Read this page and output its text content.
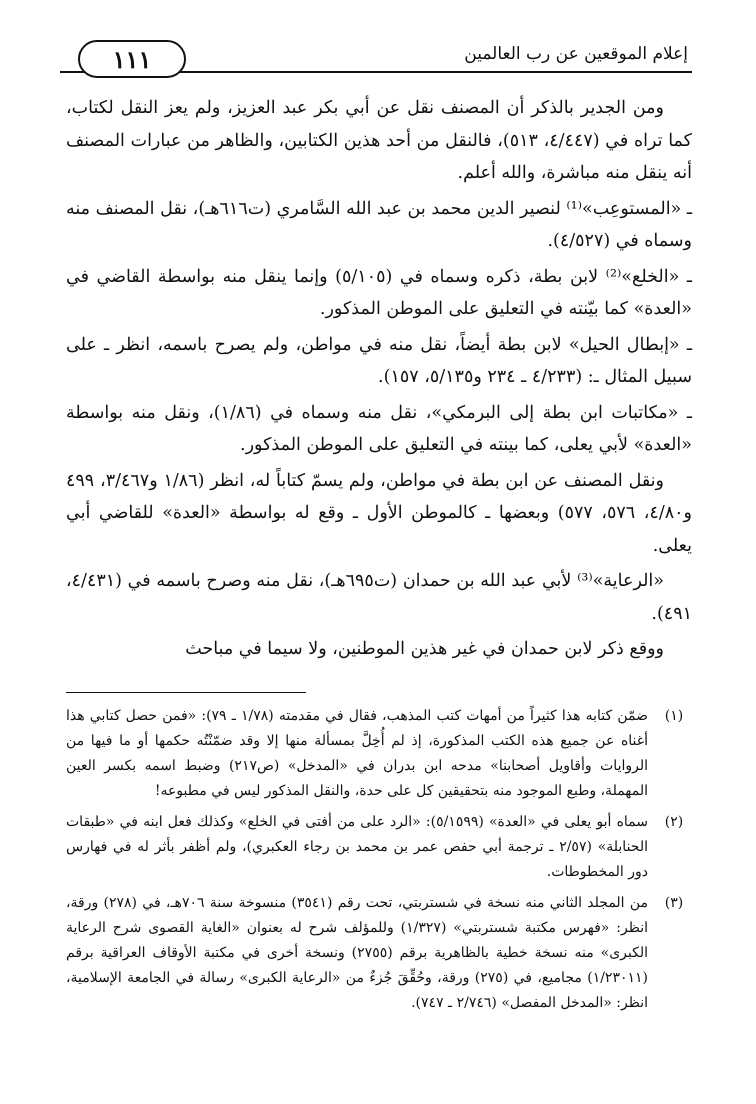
إعلام الموقعين عن رب العالمين
١١١

ومن الجدير بالذكر أن المصنف نقل عن أبي بكر عبد العزيز، ولم يعز النقل لكتاب، كما تراه في (٤/٤٤٧، ٥١٣)، فالنقل من أحد هذين الكتابين، والظاهر من عبارات المصنف أنه ينقل منه مباشرة، والله أعلم.

ـ «المستوعِب»⁽¹⁾ لنصير الدين محمد بن عبد الله السَّامري (ت٦١٦هـ)، نقل المصنف منه وسماه في (٤/٥٢٧).

ـ «الخلع»⁽²⁾ لابن بطة، ذكره وسماه في (٥/١٠٥) وإنما ينقل منه بواسطة القاضي في «العدة» كما بيّنته في التعليق على الموطن المذكور.

ـ «إبطال الحيل» لابن بطة أيضاً، نقل منه في مواطن، ولم يصرح باسمه، انظر ـ على سبيل المثال ـ: (٤/٢٣٣ ـ ٢٣٤ و٥/١٣٥، ١٥٧).

ـ «مكاتبات ابن بطة إلى البرمكي»، نقل منه وسماه في (١/٨٦)، ونقل منه بواسطة «العدة» لأبي يعلى، كما بينته في التعليق على الموطن المذكور.

ونقل المصنف عن ابن بطة في مواطن، ولم يسمّ كتاباً له، انظر (١/٨٦ و٣/٤٦٧، ٤٩٩ و٤/٨٠، ٥٧٦، ٥٧٧) وبعضها ـ كالموطن الأول ـ وقع له بواسطة «العدة» للقاضي أبي يعلى.

«الرعاية»⁽³⁾ لأبي عبد الله بن حمدان (ت٦٩٥هـ)، نقل منه وصرح باسمه في (٤/٤٣١، ٤٩١).

ووقع ذكر لابن حمدان في غير هذين الموطنين، ولا سيما في مباحث

(١)
ضمّن كتابه هذا كثيراً من أمهات كتب المذهب، فقال في مقدمته (١/٧٨ ـ ٧٩): «فمن حصل كتابي هذا أغناه عن جميع هذه الكتب المذكورة، إذ لم أُخِلَّ بمسألة منها إلا وقد ضمّنْتُه حكمها أو ما فيها من الروايات وأقاويل أصحابنا» مدحه ابن بدران في «المدخل» (ص٢١٧) وضبط اسمه بكسر العين المهملة، وطبع الموجود منه بتحقيقين كل على حدة، والنقل المذكور ليس في مطبوعه!
(٢)
سماه أبو يعلى في «العدة» (٥/١٥٩٩): «الرد على من أفتى في الخلع» وكذلك فعل ابنه في «طبقات الحنابلة» (٢/٥٧ ـ ترجمة أبي حفص عمر بن محمد بن رجاء العكبري)، ولم أظفر بأثر له في فهارس دور المخطوطات.
(٣)
من المجلد الثاني منه نسخة في شستربتي، تحت رقم (٣٥٤١) منسوخة سنة ٧٠٦هـ، في (٢٧٨) ورقة، انظر: «فهرس مكتبة شستربتي» (١/٣٢٧) وللمؤلف شرح له بعنوان «الغاية القصوى شرح الرعاية الكبرى» منه نسخة خطية بالظاهرية برقم (٢٧٥٥) ونسخة أخرى في مكتبة الأوقاف العراقية برقم (١/٢٣٠١١) مجاميع، في (٢٧٥) ورقة، وحُقِّقَ جُزءٌ من «الرعاية الكبرى» رسالة في الجامعة الإسلامية، انظر: «المدخل المفصل» (٢/٧٤٦ ـ ٧٤٧).
